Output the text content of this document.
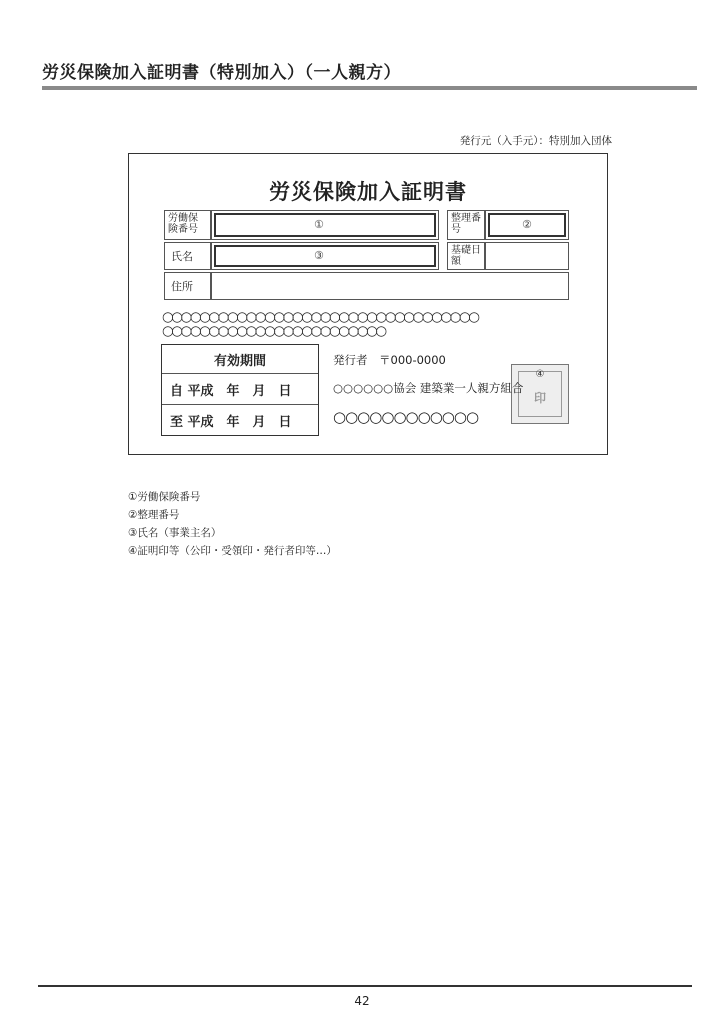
労災保険加入証明書（特別加入）（一人親方）
発行元（入手元）：特別加入団体
労災保険加入証明書
労働保険番号	①	整理番号	②
氏名	③	基礎日額
住所
○○○○○○○○○○○○○○○○○○○○○○○○○○○○○○○○○○
○○○○○○○○○○○○○○○○○○○○○○○○
有効期間
自 平成　年　月　日
至 平成　年　月　日
発行者　〒000-0000
④
印
○○○○○○協会 建築業一人親方組合
○○○○○○○○○○○○
①労働保険番号
②整理番号
③氏名（事業主名）
④証明印等（公印・受領印・発行者印等…）
42
